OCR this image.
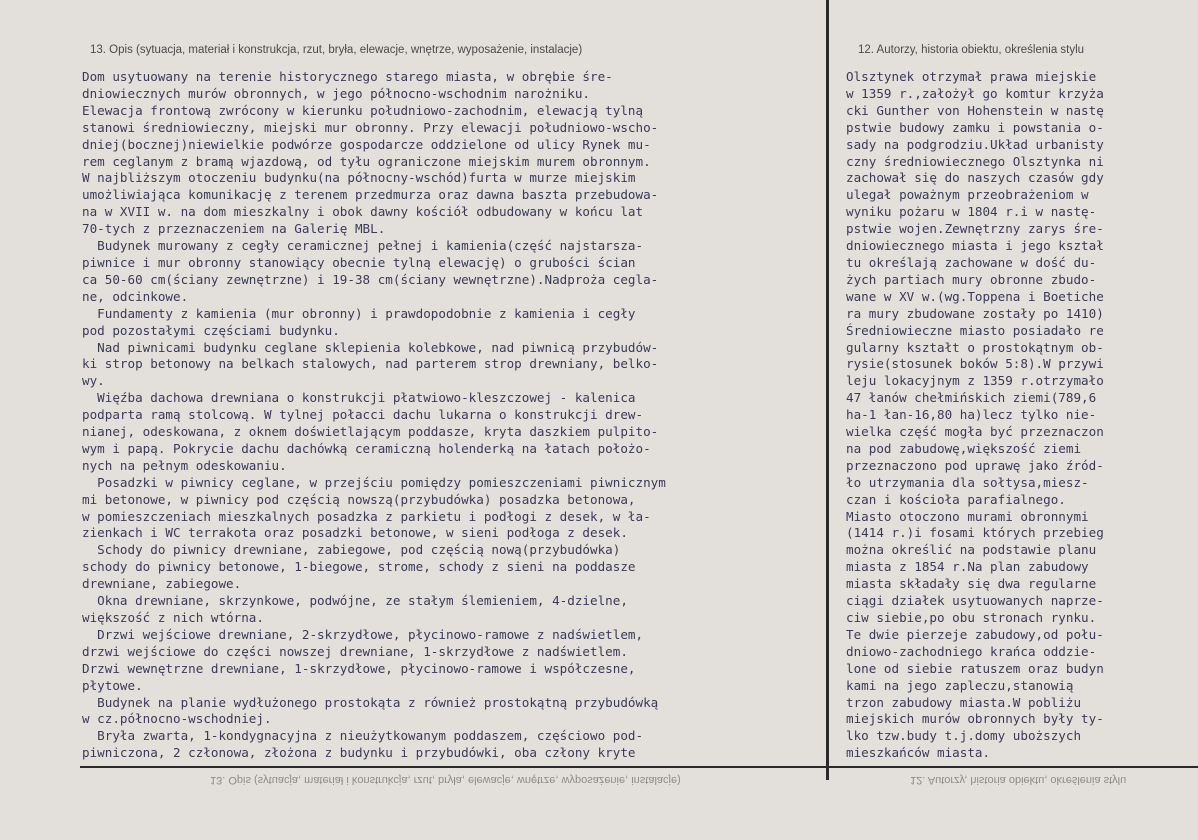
13. Opis (sytuacja, materiał i konstrukcja, rzut, bryła, elewacje, wnętrze, wyposażenie, instalacje)	12. Autorzy, historia obiektu, określenia stylu
Dom usytuowany na terenie historycznego starego miasta, w obrębie śre-
dniowiecznych murów obronnych, w jego północno-wschodnim narożniku.
Elewacja frontową zwrócony w kierunku południowo-zachodnim, elewacją tylną
stanowi średniowieczny, miejski mur obronny. Przy elewacji południowo-wscho-
dniej(bocznej)niewielkie podwórze gospodarcze oddzielone od ulicy Rynek mu-
rem ceglanym z bramą wjazdową, od tyłu ograniczone miejskim murem obronnym.
W najbliższym otoczeniu budynku(na północny-wschód)furta w murze miejskim
umożliwiająca komunikację z terenem przedmurza oraz dawna baszta przebudowa-
na w XVII w. na dom mieszkalny i obok dawny kościół odbudowany w końcu lat
70-tych z przeznaczeniem na Galerię MBL.
Budynek murowany z cegły ceramicznej pełnej i kamienia(część najstarsza-
piwnice i mur obronny stanowiący obecnie tylną elewację) o grubości ścian
ca 50-60 cm(ściany zewnętrzne) i 19-38 cm(ściany wewnętrzne).Nadproża cegla-
ne, odcinkowe.
Fundamenty z kamienia (mur obronny) i prawdopodobnie z kamienia i cegły
pod pozostałymi częściami budynku.
Nad piwnicami budynku ceglane sklepienia kolebkowe, nad piwnicą przybudów-
ki strop betonowy na belkach stalowych, nad parterem strop drewniany, belko-
wy.
Więźba dachowa drewniana o konstrukcji płatwiowo-kleszczowej - kalenica
podparta ramą stolcową. W tylnej połacci dachu lukarna o konstrukcji drew-
nianej, odeskowana, z oknem doświetlającym poddasze, kryta daszkiem pulpito-
wym i papą. Pokrycie dachu dachówką ceramiczną holenderką na łatach położo-
nych na pełnym odeskowaniu.
Posadzki w piwnicy ceglane, w przejściu pomiędzy pomieszczeniami piwnicznym
mi betonowe, w piwnicy pod częścią nowszą(przybudówka) posadzka betonowa,
w pomieszczeniach mieszkalnych posadzka z parkietu i podłogi z desek, w ła-
zienkach i WC terrakota oraz posadzki betonowe, w sieni podłoga z desek.
Schody do piwnicy drewniane, zabiegowe, pod częścią nową(przybudówka)
schody do piwnicy betonowe, 1-biegowe, strome, schody z sieni na poddasze
drewniane, zabiegowe.
Okna drewniane, skrzynkowe, podwójne, ze stałym ślemieniem, 4-dzielne,
większość z nich wtórna.
Drzwi wejściowe drewniane, 2-skrzydłowe, płycinowo-ramowe z nadświetlem,
drzwi wejściowe do części nowszej drewniane, 1-skrzydłowe z nadświetlem.
Drzwi wewnętrzne drewniane, 1-skrzydłowe, płycinowo-ramowe i współczesne,
płytowe.
Budynek na planie wydłużonego prostokąta z również prostokątną przybudówką
w cz.północno-wschodniej.
Bryła zwarta, 1-kondygnacyjna z nieużytkowanym poddaszem, częściowo pod-
piwniczona, 2 członowa, złożona z budynku i przybudówki, oba człony kryte
Olsztynek otrzymał prawa miejskie
w 1359 r.,założył go komtur krzyża
cki Gunther von Hohenstein w nastę
pstwie budowy zamku i powstania o-
sady na podgrodziu.Układ urbanisty
czny średniowiecznego Olsztynka ni
zachował się do naszych czasów gdy
ulegał poważnym przeobrażeniom w
wyniku pożaru w 1804 r.i w nastę-
pstwie wojen.Zewnętrzny zarys śre-
dniowiecznego miasta i jego kształ
tu określają zachowane w dość du-
żych partiach mury obronne zbudo-
wane w XV w.(wg.Toppena i Boetiche
ra mury zbudowane zostały po 1410)
Średniowieczne miasto posiadało re
gularny kształt o prostokątnym ob-
rysie(stosunek boków 5:8).W przywi
leju lokacyjnym z 1359 r.otrzymało
47 łanów chełmińskich ziemi(789,6
ha-1 łan-16,80 ha)lecz tylko nie-
wielka część mogła być przeznaczon
na pod zabudowę,większość ziemi
przeznaczono pod uprawę jako źród-
ło utrzymania dla sołtysa,miesz-
czan i kościoła parafialnego.
Miasto otoczono murami obronnymi
(1414 r.)i fosami których przebieg
można określić na podstawie planu
miasta z 1854 r.Na plan zabudowy
miasta składały się dwa regularne
ciągi działek usytuowanych naprze-
ciw siebie,po obu stronach rynku.
Te dwie pierzeje zabudowy,od połu-
dniowo-zachodniego krańca oddzie-
lone od siebie ratuszem oraz budyn
kami na jego zapleczu,stanowią
trzon zabudowy miasta.W pobliżu
miejskich murów obronnych były ty-
lko tzw.budy t.j.domy uboższych
mieszkańców miasta.
13. Opis (sytuacja, materiał i konstrukcja, rzut, bryła, elewacje, wnętrze, wyposażenie, instalacje)	12. Autorzy, historia obiektu, określenia stylu
